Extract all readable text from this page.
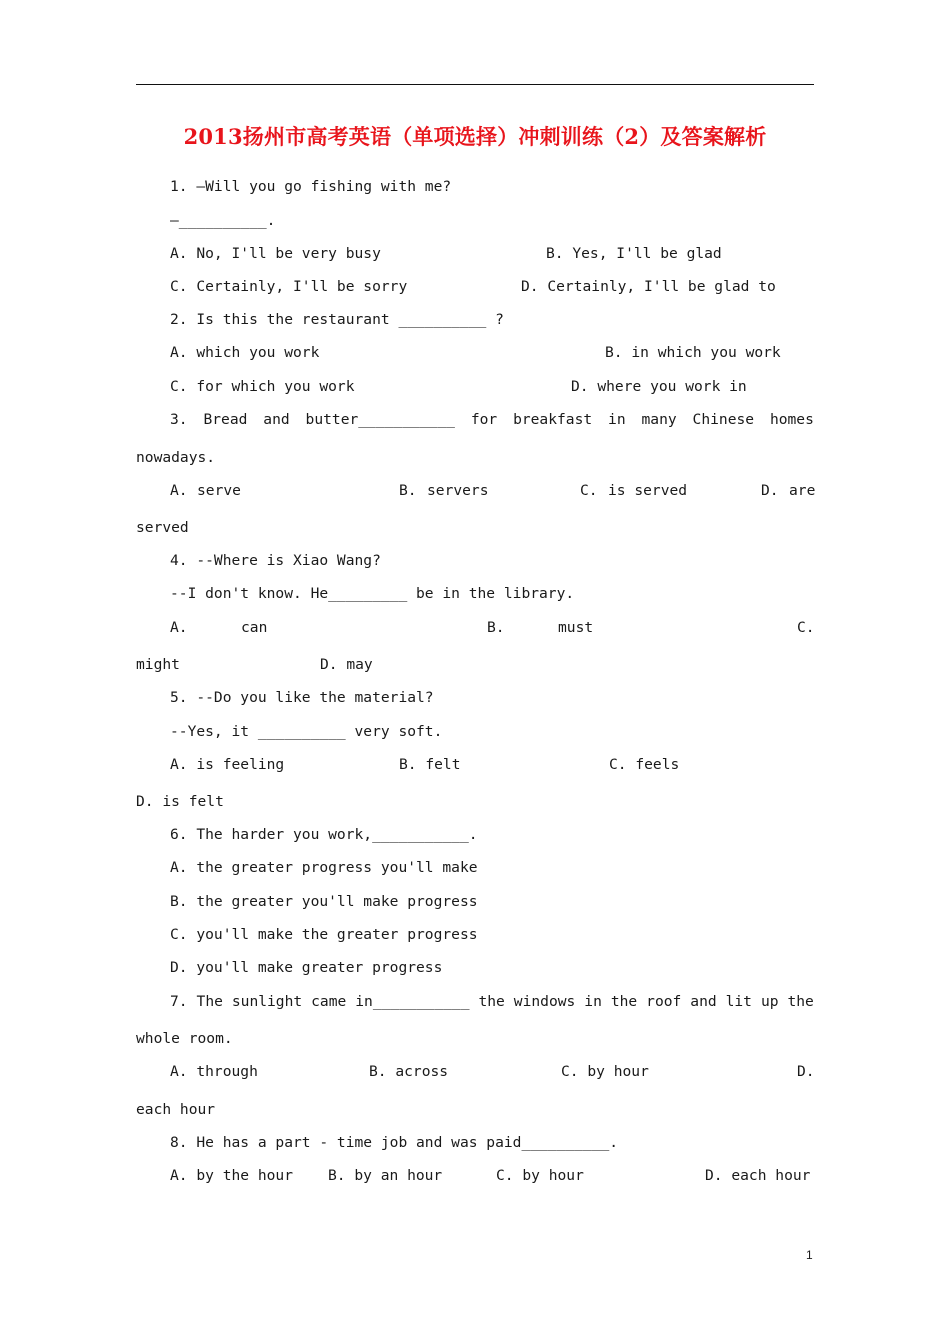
2013扬州市高考英语（单项选择）冲刺训练（2）及答案解析
1. —Will you go fishing with me?
—__________.
A. No, I'll be very busy	B. Yes, I'll be glad
C. Certainly, I'll be sorry	D. Certainly, I'll be glad to
2. Is this the restaurant __________ ?
A. which you work	B. in which you work
C. for which you work	D. where you work in
3. Bread and butter___________ for breakfast in many Chinese homes
nowadays.
A. serve	B. servers	C. is served	D. are
served
4. --Where is Xiao Wang?
--I don't know. He_________ be in the library.
A.	can	B.	must	C.
might	D. may
5. --Do you like the material?
--Yes, it __________ very soft.
A. is feeling	B. felt	C. feels
D. is felt
6. The harder you work,___________.
A. the greater progress you'll make
B. the greater you'll make progress
C. you'll make the greater progress
D. you'll make greater progress
7. The sunlight came in___________ the windows in the roof and lit up the
whole room.
A. through	B. across	C. by hour	D.
each hour
8. He has a part - time job and was paid__________.
A. by the hour B. by an hour	C. by hour	D. each hour
1
